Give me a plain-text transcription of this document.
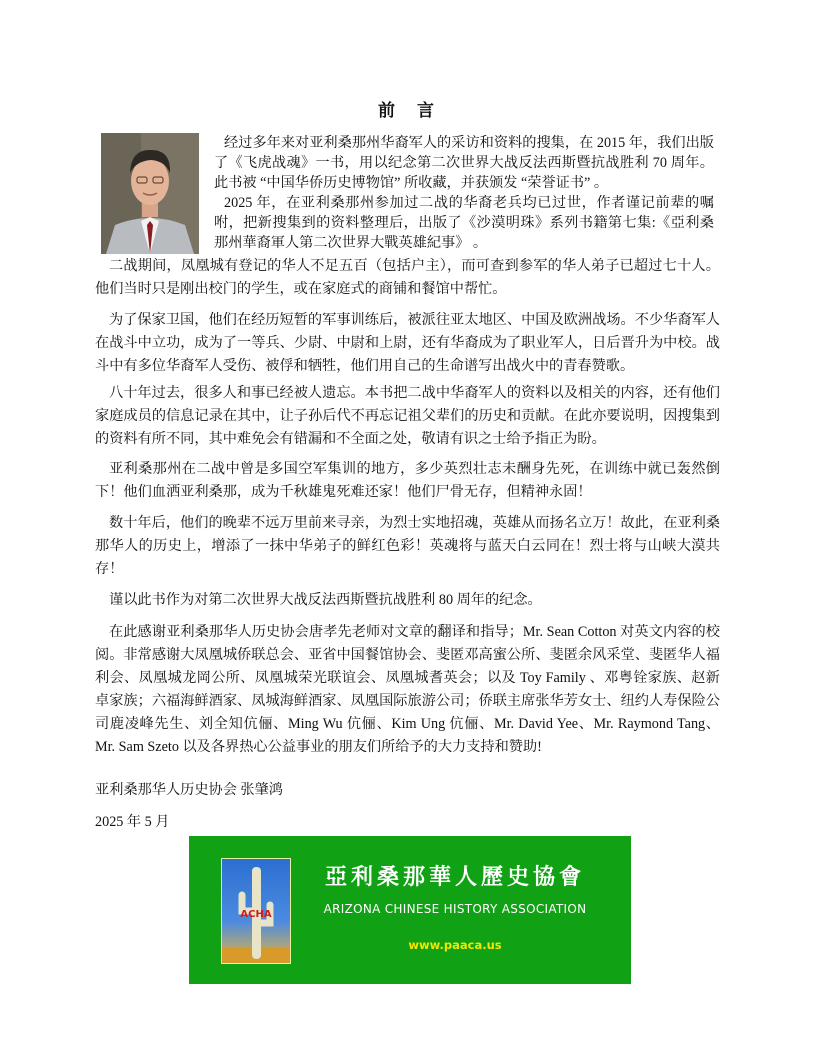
前 言

经过多年来对亚利桑那州华裔军人的采访和资料的搜集，在 2015 年，我们出版了《飞虎战魂》一书，用以纪念第二次世界大战反法西斯暨抗战胜利 70 周年。此书被 “中国华侨历史博物馆” 所收藏，并获颁发 “荣誉证书” 。

2025 年，在亚利桑那州参加过二战的华裔老兵均已过世，作者谨记前辈的嘱咐，把新搜集到的资料整理后，出版了《沙漠明珠》系列书籍第七集:《亞利桑那州華裔軍人第二次世界大戰英雄紀事》 。

二战期间，凤凰城有登记的华人不足五百（包括户主），而可查到参军的华人弟子已超过七十人。他们当时只是刚出校门的学生，或在家庭式的商铺和餐馆中帮忙。

为了保家卫国，他们在经历短暂的军事训练后，被派往亚太地区、中国及欧洲战场。不少华裔军人在战斗中立功，成为了一等兵、少尉、中尉和上尉，还有华裔成为了职业军人，日后晋升为中校。战斗中有多位华裔军人受伤、被俘和牺牲，他们用自己的生命谱写出战火中的青春赞歌。

八十年过去，很多人和事已经被人遗忘。本书把二战中华裔军人的资料以及相关的内容，还有他们家庭成员的信息记录在其中，让子孙后代不再忘记祖父辈们的历史和贡献。在此亦要说明，因搜集到的资料有所不同，其中难免会有错漏和不全面之处，敬请有识之士给予指正为盼。

亚利桑那州在二战中曾是多国空军集训的地方，多少英烈壮志未酬身先死，在训练中就已轰然倒下！他们血洒亚利桑那，成为千秋雄鬼死难还家！他们尸骨无存，但精神永固！

数十年后，他们的晚辈不远万里前来寻亲，为烈士实地招魂，英雄从而扬名立万！故此，在亚利桑那华人的历史上，增添了一抹中华弟子的鲜红色彩！英魂将与蓝天白云同在！烈士将与山峡大漠共存！

谨以此书作为对第二次世界大战反法西斯暨抗战胜利 80 周年的纪念。

在此感谢亚利桑那华人历史协会唐孝先老师对文章的翻译和指导；Mr. Sean Cotton 对英文内容的校阅。非常感谢大凤凰城侨联总会、亚省中国餐馆协会、斐匿邓高蜜公所、斐匿余风采堂、斐匿华人福利会、凤凰城龙岡公所、凤凰城荣光联谊会、凤凰城耆英会；以及 Toy Family 、邓粤铨家族、赵新卓家族；六福海鲜酒家、凤城海鲜酒家、凤凰国际旅游公司；侨联主席张华芳女士、纽约人寿保险公司鹿凌峰先生、刘全知伉俪、Ming Wu 伉俪、Kim Ung 伉俪、Mr. David Yee、Mr. Raymond Tang、Mr. Sam Szeto 以及各界热心公益事业的朋友们所给予的大力支持和赞助!

亚利桑那华人历史协会 张肇鸿
2025 年 5 月
ACHA
亞利桑那華人歷史協會
ARIZONA CHINESE HISTORY ASSOCIATION
www.paaca.us
